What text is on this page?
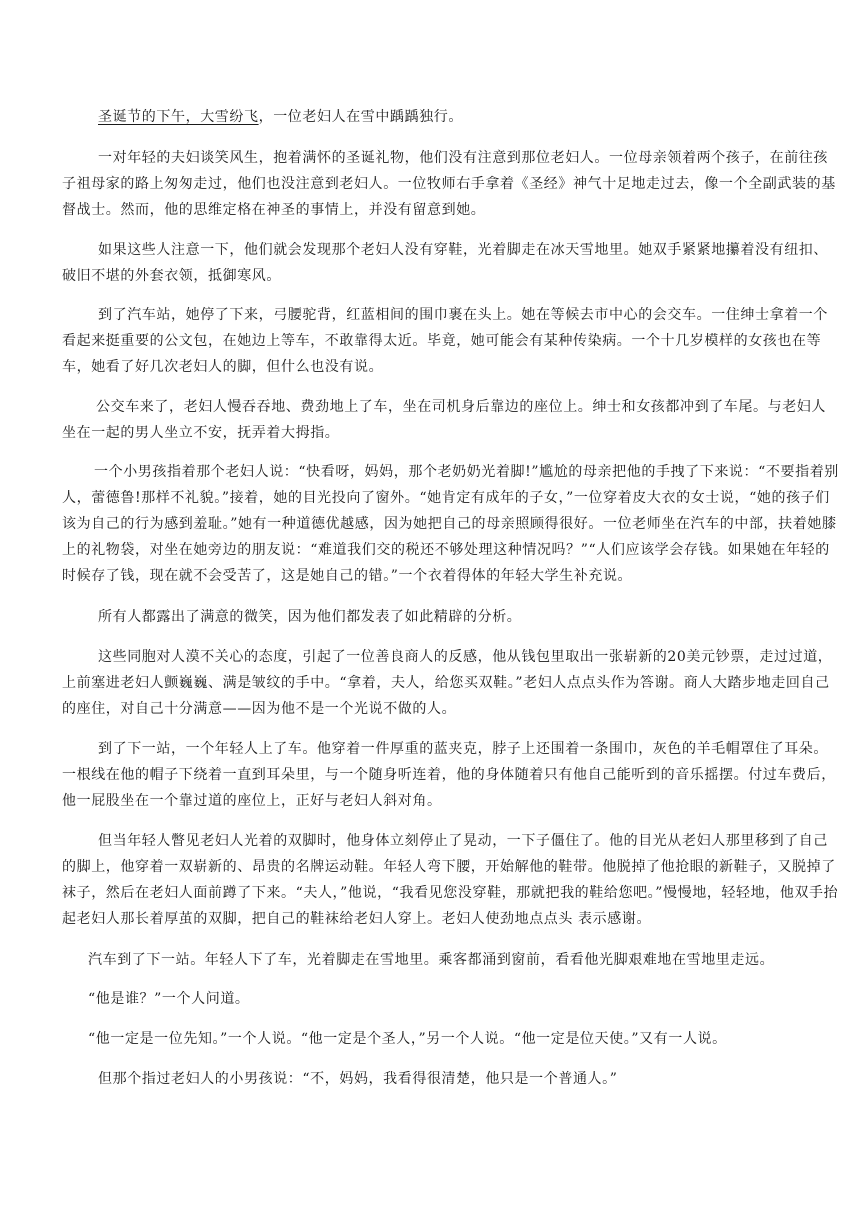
圣诞节的下午，大雪纷飞，一位老妇人在雪中踽踽独行。

一对年轻的夫妇谈笑风生，抱着满怀的圣诞礼物，他们没有注意到那位老妇人。一位母亲领着两个孩子，在前往孩子祖母家的路上匆匆走过，他们也没注意到老妇人。一位牧师右手拿着《圣经》神气十足地走过去，像一个全副武装的基督战士。然而，他的思维定格在神圣的事情上，并没有留意到她。

如果这些人注意一下，他们就会发现那个老妇人没有穿鞋，光着脚走在冰天雪地里。她双手紧紧地攥着没有纽扣、破旧不堪的外套衣领，抵御寒风。

到了汽车站，她停了下来，弓腰驼背，红蓝相间的围巾裹在头上。她在等候去市中心的会交车。一住绅士拿着一个看起来挺重要的公文包，在她边上等车，不敢靠得太近。毕竟，她可能会有某种传染病。一个十几岁模样的女孩也在等车，她看了好几次老妇人的脚，但什么也没有说。

公交车来了，老妇人慢吞吞地、费劲地上了车，坐在司机身后靠边的座位上。绅士和女孩都冲到了车尾。与老妇人坐在一起的男人坐立不安，抚弄着大拇指。

一个小男孩指着那个老妇人说：“快看呀，妈妈，那个老奶奶光着脚!”尴尬的母亲把他的手拽了下来说：“不要指着别人，蕾德鲁!那样不礼貌。”接着，她的目光投向了窗外。“她肯定有成年的子女，”一位穿着皮大衣的女士说，“她的孩子们该为自己的行为感到羞耻。”她有一种道德优越感，因为她把自己的母亲照顾得很好。一位老师坐在汽车的中部，扶着她膝上的礼物袋，对坐在她旁边的朋友说：“难道我们交的税还不够处理这种情况吗？”“人们应该学会存钱。如果她在年轻的时候存了钱，现在就不会受苦了，这是她自己的错。”一个衣着得体的年轻大学生补充说。

所有人都露出了满意的微笑，因为他们都发表了如此精辟的分析。

这些同胞对人漠不关心的态度，引起了一位善良商人的反感，他从钱包里取出一张崭新的20美元钞票，走过过道，上前塞进老妇人颤巍巍、满是皱纹的手中。“拿着，夫人，给您买双鞋。”老妇人点点头作为答谢。商人大踏步地走回自己的座住，对自己十分满意——因为他不是一个光说不做的人。

到了下一站，一个年轻人上了车。他穿着一件厚重的蓝夹克，脖子上还围着一条围巾，灰色的羊毛帽罩住了耳朵。一根线在他的帽子下绕着一直到耳朵里，与一个随身听连着，他的身体随着只有他自己能听到的音乐摇摆。付过车费后，他一屁股坐在一个靠过道的座位上，正好与老妇人斜对角。

但当年轻人瞥见老妇人光着的双脚时，他身体立刻停止了晃动，一下子僵住了。他的目光从老妇人那里移到了自己的脚上，他穿着一双崭新的、昂贵的名牌运动鞋。年轻人弯下腰，开始解他的鞋带。他脱掉了他抢眼的新鞋子，又脱掉了袜子，然后在老妇人面前蹲了下来。“夫人，”他说，“我看见您没穿鞋，那就把我的鞋给您吧。”慢慢地，轻轻地，他双手抬起老妇人那长着厚茧的双脚，把自己的鞋袜给老妇人穿上。老妇人使劲地点点头 表示感谢。

汽车到了下一站。年轻人下了车，光着脚走在雪地里。乘客都涌到窗前，看看他光脚艰难地在雪地里走远。

“他是谁？”一个人问道。

“他一定是一位先知。”一个人说。“他一定是个圣人，”另一个人说。“他一定是位天使。”又有一人说。

但那个指过老妇人的小男孩说：“不，妈妈，我看得很清楚，他只是一个普通人。”
